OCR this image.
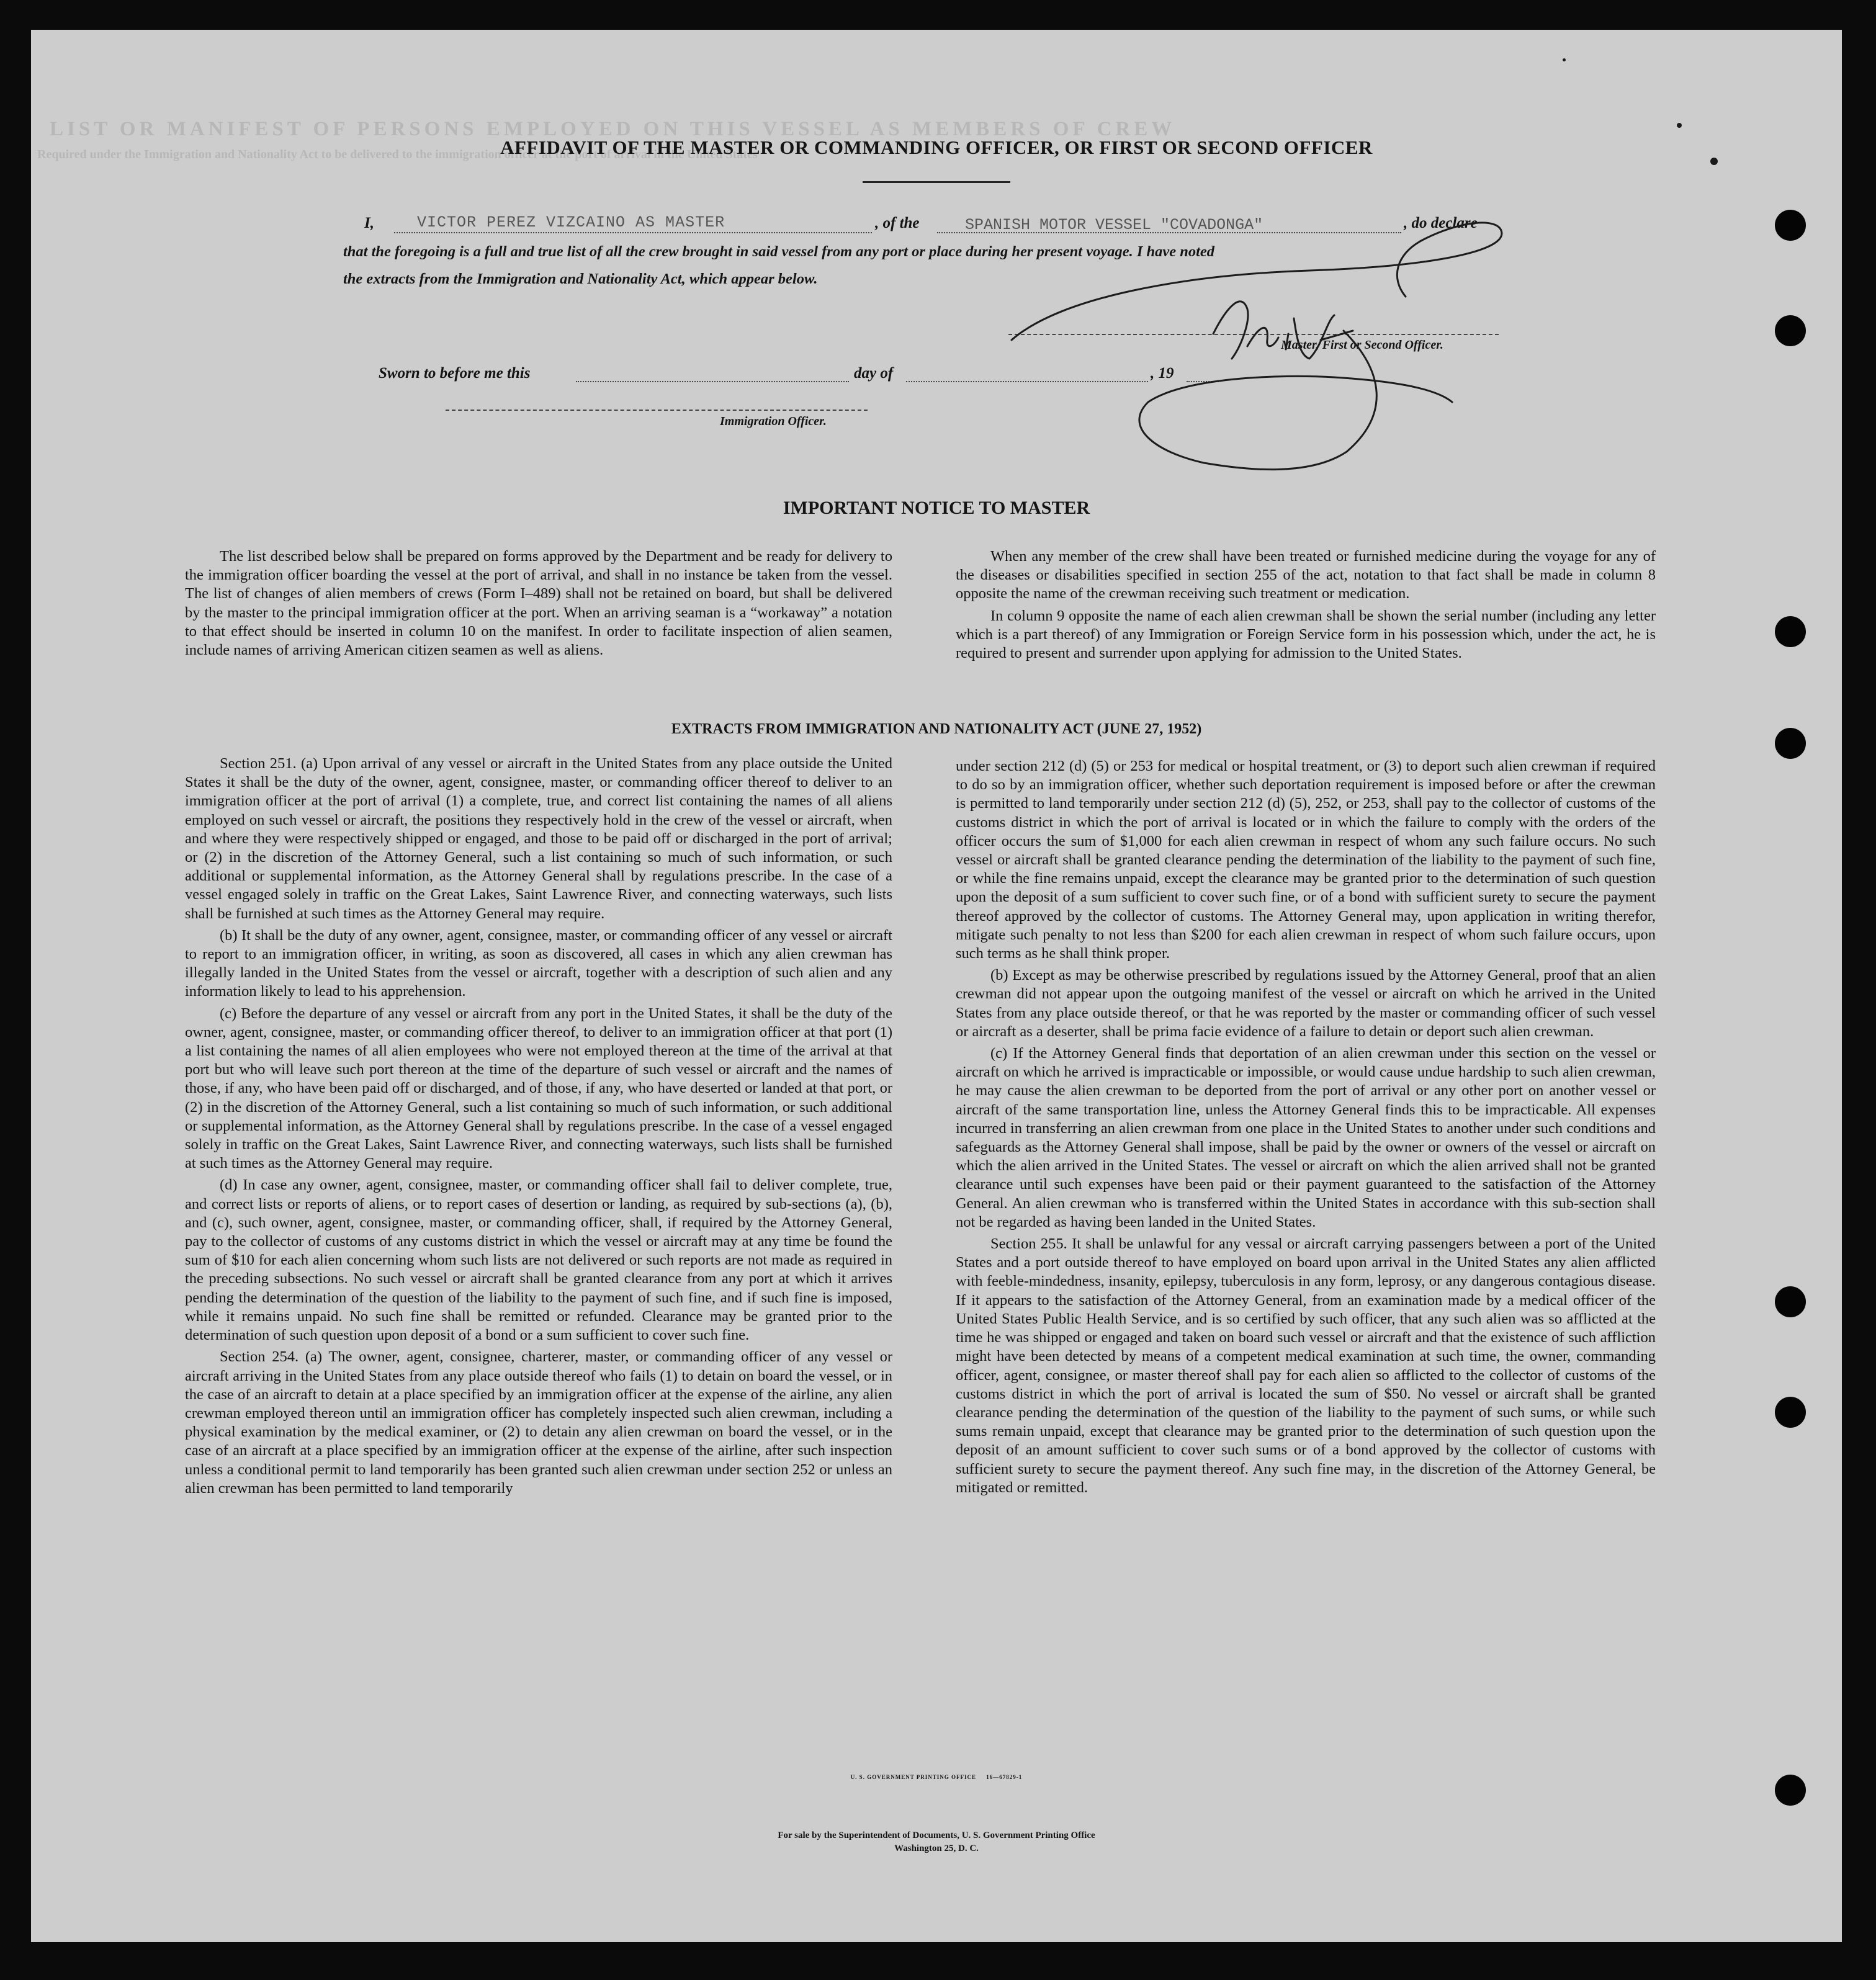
LIST OR MANIFEST OF PERSONS EMPLOYED ON THIS VESSEL AS MEMBERS OF CREW
Required under the Immigration and Nationality Act to be delivered to the immigration officer at the port of arrival in the United States
AFFIDAVIT OF THE MASTER OR COMMANDING OFFICER, OR FIRST OR SECOND OFFICER
I,	VICTOR PEREZ VIZCAINO AS MASTER	, of the	SPANISH MOTOR VESSEL "COVADONGA"	, do declare
that the foregoing is a full and true list of all the crew brought in said vessel from any port or place during her present voyage. I have noted
the extracts from the Immigration and Nationality Act, which appear below.
Master, First or Second Officer.
Sworn to before me this	day of	, 19
Immigration Officer.
IMPORTANT NOTICE TO MASTER

The list described below shall be prepared on forms approved by the Department and be ready for delivery to the immigration officer boarding the vessel at the port of arrival, and shall in no instance be taken from the vessel. The list of changes of alien members of crews (Form I–489) shall not be retained on board, but shall be delivered by the master to the principal immigration officer at the port. When an arriving seaman is a “workaway” a notation to that effect should be inserted in column 10 on the manifest. In order to facilitate inspection of alien seamen, include names of arriving American citizen seamen as well as aliens.

When any member of the crew shall have been treated or furnished medicine during the voyage for any of the diseases or disabilities specified in section 255 of the act, notation to that fact shall be made in column 8 opposite the name of the crewman receiving such treatment or medication.

In column 9 opposite the name of each alien crewman shall be shown the serial number (including any letter which is a part thereof) of any Immigration or Foreign Service form in his possession which, under the act, he is required to present and surrender upon applying for admission to the United States.

EXTRACTS FROM IMMIGRATION AND NATIONALITY ACT (JUNE 27, 1952)

Section 251. (a) Upon arrival of any vessel or aircraft in the United States from any place outside the United States it shall be the duty of the owner, agent, consignee, master, or commanding officer thereof to deliver to an immigration officer at the port of arrival (1) a complete, true, and correct list containing the names of all aliens employed on such vessel or aircraft, the positions they respectively hold in the crew of the vessel or aircraft, when and where they were respectively shipped or engaged, and those to be paid off or discharged in the port of arrival; or (2) in the discretion of the Attorney General, such a list containing so much of such information, or such additional or supplemental information, as the Attorney General shall by regulations prescribe. In the case of a vessel engaged solely in traffic on the Great Lakes, Saint Lawrence River, and connecting waterways, such lists shall be furnished at such times as the Attorney General may require.

(b) It shall be the duty of any owner, agent, consignee, master, or commanding officer of any vessel or aircraft to report to an immigration officer, in writing, as soon as discovered, all cases in which any alien crewman has illegally landed in the United States from the vessel or aircraft, together with a description of such alien and any information likely to lead to his apprehension.

(c) Before the departure of any vessel or aircraft from any port in the United States, it shall be the duty of the owner, agent, consignee, master, or commanding officer thereof, to deliver to an immigration officer at that port (1) a list containing the names of all alien employees who were not employed thereon at the time of the arrival at that port but who will leave such port thereon at the time of the departure of such vessel or aircraft and the names of those, if any, who have been paid off or discharged, and of those, if any, who have deserted or landed at that port, or (2) in the discretion of the Attorney General, such a list containing so much of such information, or such additional or supplemental information, as the Attorney General shall by regulations prescribe. In the case of a vessel engaged solely in traffic on the Great Lakes, Saint Lawrence River, and connecting waterways, such lists shall be furnished at such times as the Attorney General may require.

(d) In case any owner, agent, consignee, master, or commanding officer shall fail to deliver complete, true, and correct lists or reports of aliens, or to report cases of desertion or landing, as required by sub-sections (a), (b), and (c), such owner, agent, consignee, master, or commanding officer, shall, if required by the Attorney General, pay to the collector of customs of any customs district in which the vessel or aircraft may at any time be found the sum of $10 for each alien concerning whom such lists are not delivered or such reports are not made as required in the preceding subsections. No such vessel or aircraft shall be granted clearance from any port at which it arrives pending the determination of the question of the liability to the payment of such fine, and if such fine is imposed, while it remains unpaid. No such fine shall be remitted or refunded. Clearance may be granted prior to the determination of such question upon deposit of a bond or a sum sufficient to cover such fine.

Section 254. (a) The owner, agent, consignee, charterer, master, or commanding officer of any vessel or aircraft arriving in the United States from any place outside thereof who fails (1) to detain on board the vessel, or in the case of an aircraft to detain at a place specified by an immigration officer at the expense of the airline, any alien crewman employed thereon until an immigration officer has completely inspected such alien crewman, including a physical examination by the medical examiner, or (2) to detain any alien crewman on board the vessel, or in the case of an aircraft at a place specified by an immigration officer at the expense of the airline, after such inspection unless a conditional permit to land temporarily has been granted such alien crewman under section 252 or unless an alien crewman has been permitted to land temporarily

under section 212 (d) (5) or 253 for medical or hospital treatment, or (3) to deport such alien crewman if required to do so by an immigration officer, whether such deportation requirement is imposed before or after the crewman is permitted to land temporarily under section 212 (d) (5), 252, or 253, shall pay to the collector of customs of the customs district in which the port of arrival is located or in which the failure to comply with the orders of the officer occurs the sum of $1,000 for each alien crewman in respect of whom any such failure occurs. No such vessel or aircraft shall be granted clearance pending the determination of the liability to the payment of such fine, or while the fine remains unpaid, except the clearance may be granted prior to the determination of such question upon the deposit of a sum sufficient to cover such fine, or of a bond with sufficient surety to secure the payment thereof approved by the collector of customs. The Attorney General may, upon application in writing therefor, mitigate such penalty to not less than $200 for each alien crewman in respect of whom such failure occurs, upon such terms as he shall think proper.

(b) Except as may be otherwise prescribed by regulations issued by the Attorney General, proof that an alien crewman did not appear upon the outgoing manifest of the vessel or aircraft on which he arrived in the United States from any place outside thereof, or that he was reported by the master or commanding officer of such vessel or aircraft as a deserter, shall be prima facie evidence of a failure to detain or deport such alien crewman.

(c) If the Attorney General finds that deportation of an alien crewman under this section on the vessel or aircraft on which he arrived is impracticable or impossible, or would cause undue hardship to such alien crewman, he may cause the alien crewman to be deported from the port of arrival or any other port on another vessel or aircraft of the same transportation line, unless the Attorney General finds this to be impracticable. All expenses incurred in transferring an alien crewman from one place in the United States to another under such conditions and safeguards as the Attorney General shall impose, shall be paid by the owner or owners of the vessel or aircraft on which the alien arrived in the United States. The vessel or aircraft on which the alien arrived shall not be granted clearance until such expenses have been paid or their payment guaranteed to the satisfaction of the Attorney General. An alien crewman who is transferred within the United States in accordance with this sub-section shall not be regarded as having been landed in the United States.

Section 255. It shall be unlawful for any vessal or aircraft carrying passengers between a port of the United States and a port outside thereof to have employed on board upon arrival in the United States any alien afflicted with feeble-mindedness, insanity, epilepsy, tuberculosis in any form, leprosy, or any dangerous contagious disease. If it appears to the satisfaction of the Attorney General, from an examination made by a medical officer of the United States Public Health Service, and is so certified by such officer, that any such alien was so afflicted at the time he was shipped or engaged and taken on board such vessel or aircraft and that the existence of such affliction might have been detected by means of a competent medical examination at such time, the owner, commanding officer, agent, consignee, or master thereof shall pay for each alien so afflicted to the collector of customs of the customs district in which the port of arrival is located the sum of $50. No vessel or aircraft shall be granted clearance pending the determination of the question of the liability to the payment of such sums, or while such sums remain unpaid, except that clearance may be granted prior to the determination of such question upon the deposit of an amount sufficient to cover such sums or of a bond approved by the collector of customs with sufficient surety to secure the payment thereof. Any such fine may, in the discretion of the Attorney General, be mitigated or remitted.

U. S. GOVERNMENT PRINTING OFFICE     16—67829-1
For sale by the Superintendent of Documents, U. S. Government Printing Office
Washington 25, D. C.
